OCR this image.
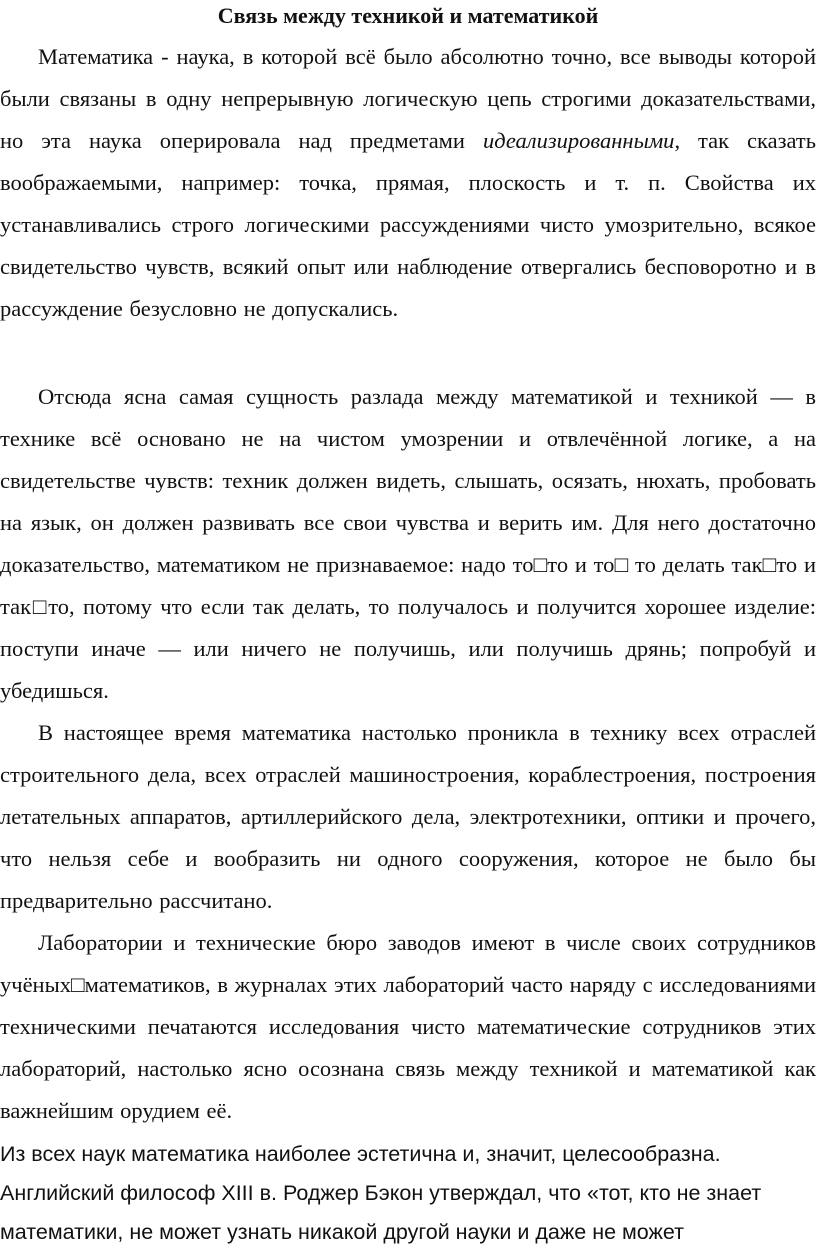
Связь между техникой и математикой

Математика - наука, в которой всё было абсолютно точно, все выводы которой были связаны в одну непрерывную логическую цепь строгими доказательствами, но эта наука оперировала над предметами идеализированными, так сказать воображаемыми, например: точка, прямая, плоскость и т. п. Свойства их устанавливались строго логическими рассуждениями чисто умозрительно, всякое свидетельство чувств, всякий опыт или наблюдение отвергались бесповоротно и в рассуждение безусловно не допускались.

Отсюда ясна самая сущность разлада между математикой и техникой — в технике всё основано не на чистом умозрении и отвлечённой логике, а на свидетельстве чувств: техник должен видеть, слышать, осязать, нюхать, пробовать на язык, он должен развивать все свои чувства и верить им. Для него достаточно доказательство, математиком не признаваемое: надо то□то и то□ то делать так□то и так□то, потому что если так делать, то получалось и получится хорошее изделие: поступи иначе — или ничего не получишь, или получишь дрянь; попробуй и убедишься.

В настоящее время математика настолько проникла в технику всех отраслей строительного дела, всех отраслей машиностроения, кораблестроения, построения летательных аппаратов, артиллерийского дела, электротехники, оптики и прочего, что нельзя себе и вообразить ни одного сооружения, которое не было бы предварительно рассчитано.

Лаборатории и технические бюро заводов имеют в числе своих сотрудников учёных□математиков, в журналах этих лабораторий часто наряду с исследованиями техническими печатаются исследования чисто математические сотрудников этих лабораторий, настолько ясно осознана связь между техникой и математикой как важнейшим орудием её.

Из всех наук математика наиболее эстетична и, значит, целесообразна.
Английский философ XIII в. Роджер Бэкон утверждал, что «тот, кто не знает
математики, не может узнать никакой другой науки и даже не может
